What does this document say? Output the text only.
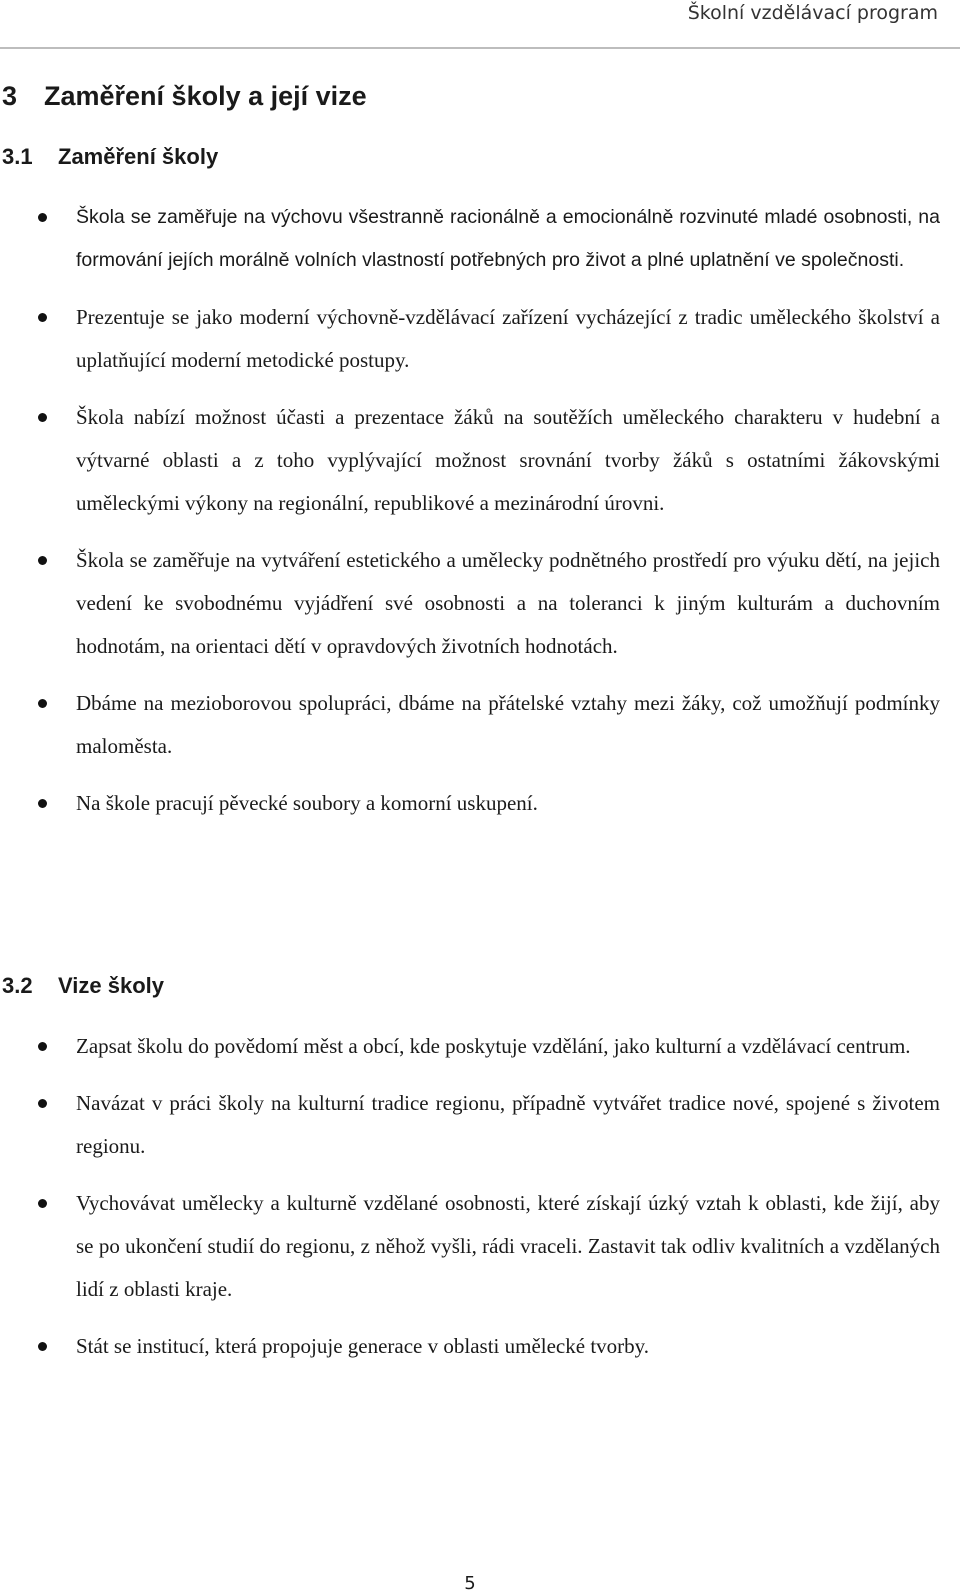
Školní vzdělávací program
3 Zaměření školy a její vize
3.1 Zaměření školy
Škola se zaměřuje na výchovu všestranně racionálně a emocionálně rozvinuté mladé osobnosti, na formování jejích morálně volních vlastností potřebných pro život a plné uplatnění ve společnosti.
Prezentuje se jako moderní výchovně-vzdělávací zařízení vycházející z tradic uměleckého školství a uplatňující moderní metodické postupy.
Škola nabízí možnost účasti a prezentace žáků na soutěžích uměleckého charakteru v hudební a výtvarné oblasti a z toho vyplývající možnost srovnání tvorby žáků s ostatními žákovskými uměleckými výkony na regionální, republikové a mezinárodní úrovni.
Škola se zaměřuje na vytváření estetického a umělecky podnětného prostředí pro výuku dětí, na jejich vedení ke svobodnému vyjádření své osobnosti a na toleranci k jiným kulturám a duchovním hodnotám, na orientaci dětí v opravdových životních hodnotách.
Dbáme na mezioborovou spolupráci, dbáme na přátelské vztahy mezi žáky, což umožňují podmínky maloměsta.
Na škole pracují pěvecké soubory a komorní uskupení.
3.2 Vize školy
Zapsat školu do povědomí měst a obcí, kde poskytuje vzdělání, jako kulturní a vzdělávací centrum.
Navázat v práci školy na kulturní tradice regionu, případně vytvářet tradice nové, spojené s životem regionu.
Vychovávat umělecky a kulturně vzdělané osobnosti, které získají úzký vztah k oblasti, kde žijí, aby se po ukončení studií do regionu, z něhož vyšli, rádi vraceli. Zastavit tak odliv kvalitních a vzdělaných lidí z oblasti kraje.
Stát se institucí, která propojuje generace v oblasti umělecké tvorby.
5
